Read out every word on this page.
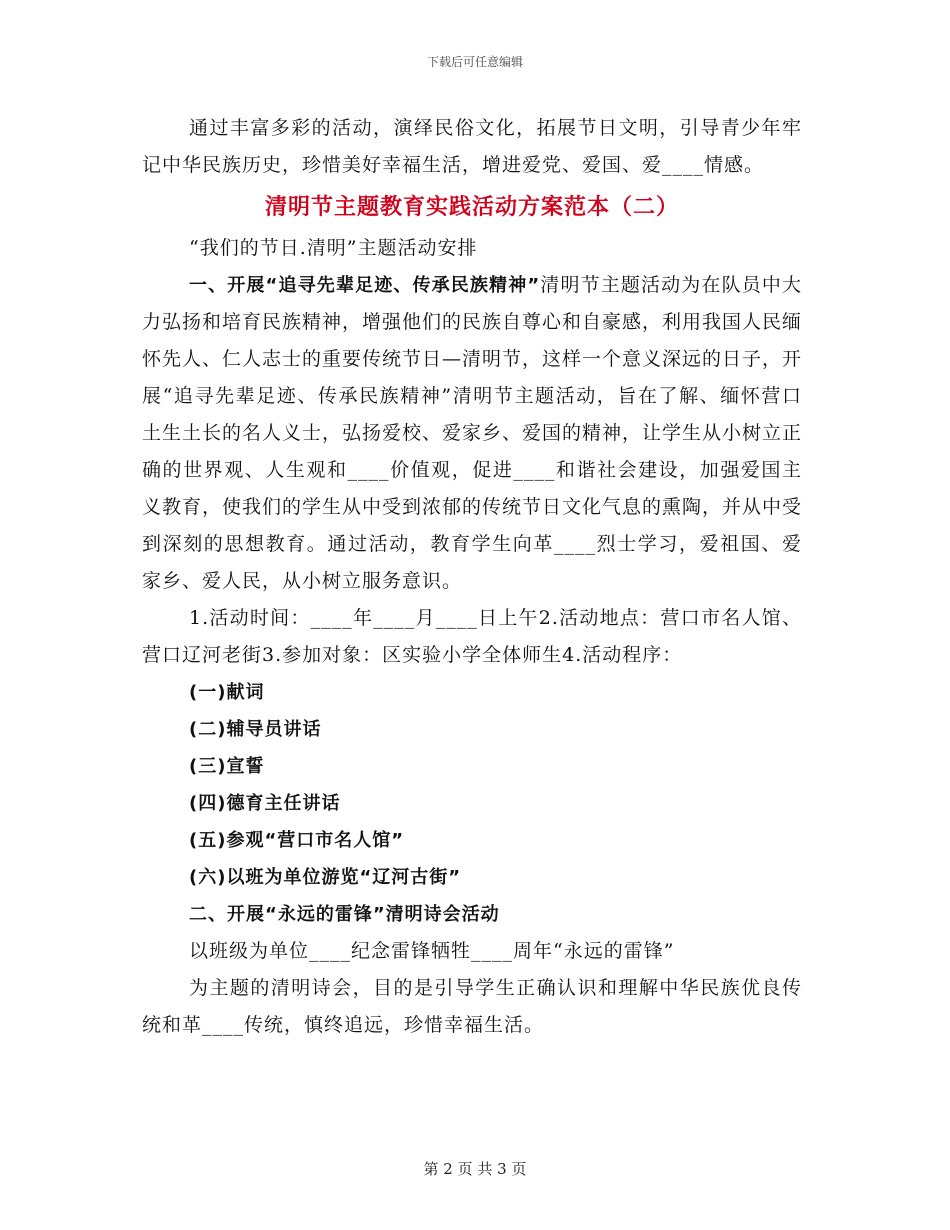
下载后可任意编辑

通过丰富多彩的活动，演绎民俗文化，拓展节日文明，引导青少年牢记中华民族历史，珍惜美好幸福生活，增进爱党、爱国、爱____情感。

清明节主题教育实践活动方案范本（二）

“我们的节日.清明”主题活动安排

一、开展“追寻先辈足迹、传承民族精神”清明节主题活动为在队员中大力弘扬和培育民族精神，增强他们的民族自尊心和自豪感，利用我国人民缅怀先人、仁人志士的重要传统节日—清明节，这样一个意义深远的日子，开展“追寻先辈足迹、传承民族精神”清明节主题活动，旨在了解、缅怀营口土生土长的名人义士，弘扬爱校、爱家乡、爱国的精神，让学生从小树立正确的世界观、人生观和____价值观，促进____和谐社会建设，加强爱国主义教育，使我们的学生从中受到浓郁的传统节日文化气息的熏陶，并从中受到深刻的思想教育。通过活动，教育学生向革____烈士学习，爱祖国、爱家乡、爱人民，从小树立服务意识。

1.活动时间：____年____月____日上午2.活动地点：营口市名人馆、营口辽河老街3.参加对象：区实验小学全体师生4.活动程序：

(一)献词

(二)辅导员讲话

(三)宣誓

(四)德育主任讲话

(五)参观“营口市名人馆”

(六)以班为单位游览“辽河古街”

二、开展“永远的雷锋”清明诗会活动

以班级为单位____纪念雷锋牺牲____周年“永远的雷锋”

为主题的清明诗会，目的是引导学生正确认识和理解中华民族优良传统和革____传统，慎终追远，珍惜幸福生活。

第 2 页 共 3 页
